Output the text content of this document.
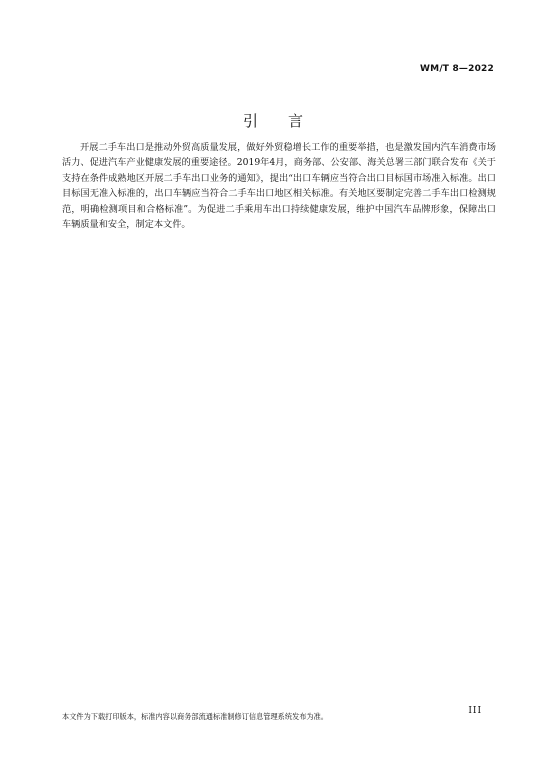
WM/T 8—2022
引言

开展二手车出口是推动外贸高质量发展，做好外贸稳增长工作的重要举措，也是激发国内汽车消费市场活力、促进汽车产业健康发展的重要途径。2019年4月，商务部、公安部、海关总署三部门联合发布《关于支持在条件成熟地区开展二手车出口业务的通知》，提出“出口车辆应当符合出口目标国市场准入标准。出口目标国无准入标准的，出口车辆应当符合二手车出口地区相关标准。有关地区要制定完善二手车出口检测规范，明确检测项目和合格标准”。为促进二手乘用车出口持续健康发展，维护中国汽车品牌形象，保障出口车辆质量和安全，制定本文件。

III
本文件为下载打印版本，标准内容以商务部流通标准制修订信息管理系统发布为准。
